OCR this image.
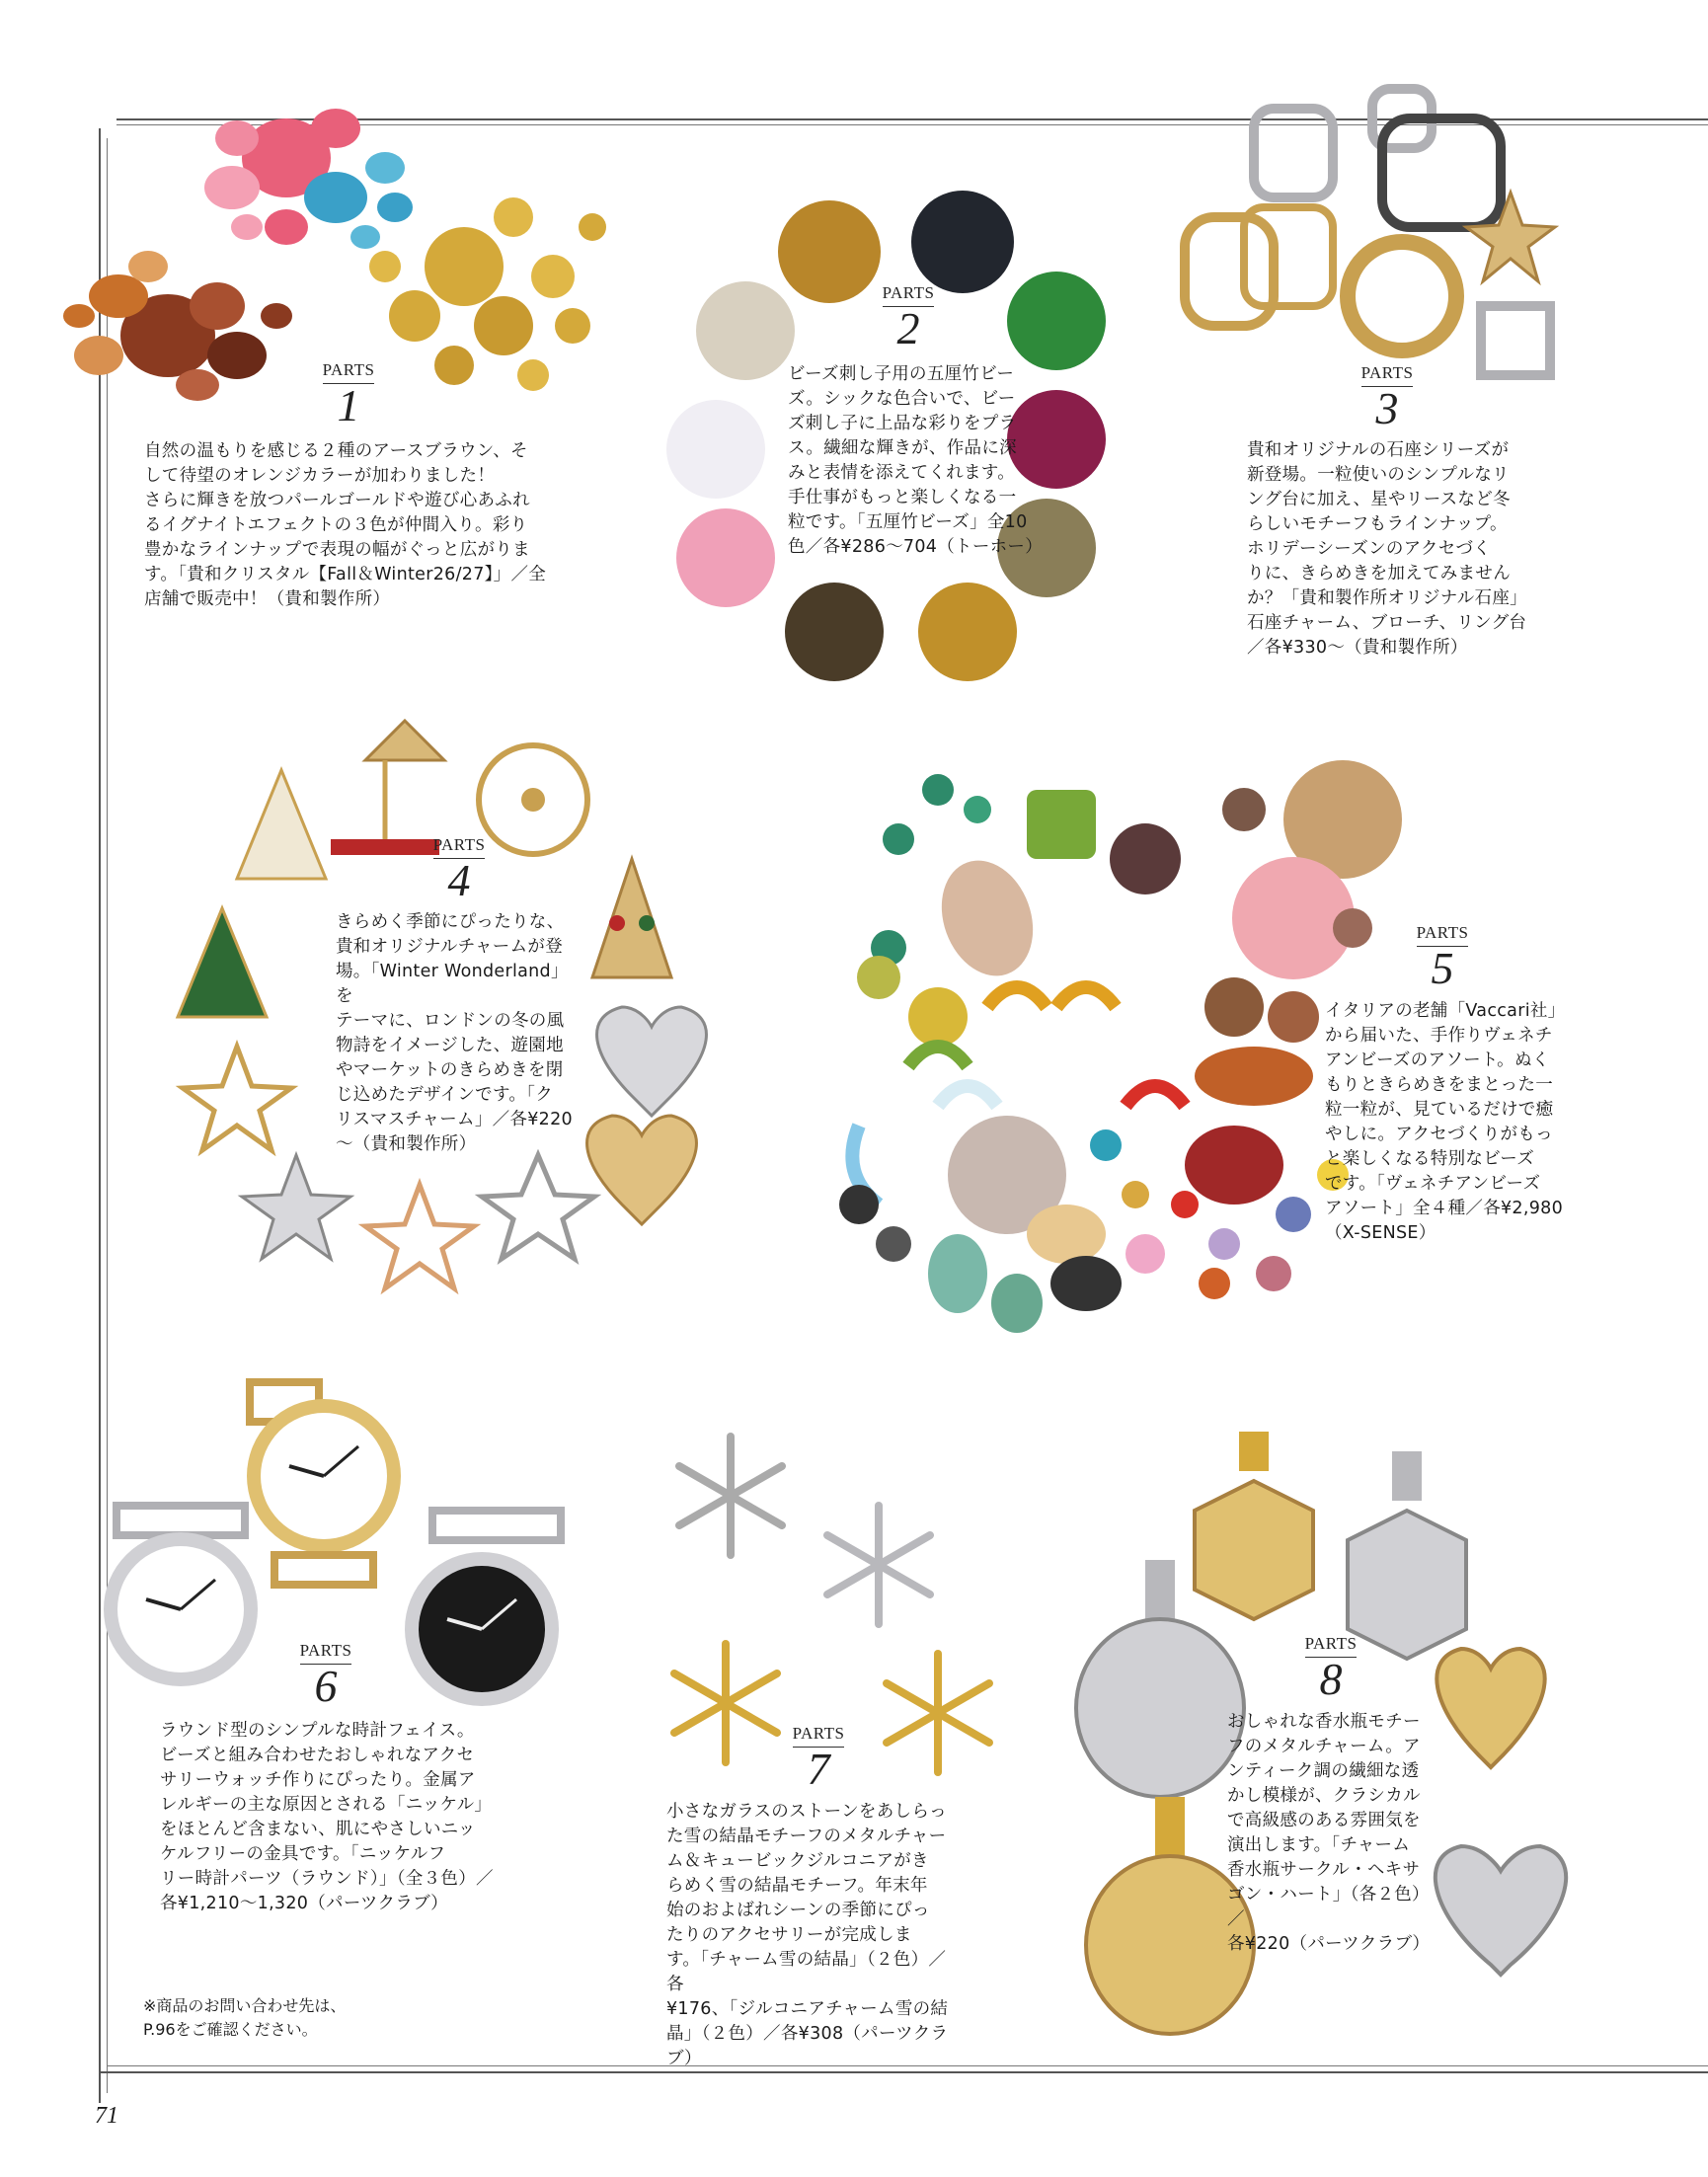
PARTS
1
自然の温もりを感じる２種のアースブラウン、そ
して待望のオレンジカラーが加わりました！
さらに輝きを放つパールゴールドや遊び心あふれ
るイグナイトエフェクトの３色が仲間入り。彩り
豊かなラインナップで表現の幅がぐっと広がりま
す。「貴和クリスタル【Fall＆Winter26/27】」／全
店舗で販売中！（貴和製作所）
PARTS
2
ビーズ刺し子用の五厘竹ビー
ズ。シックな色合いで、ビー
ズ刺し子に上品な彩りをプラ
ス。繊細な輝きが、作品に深
みと表情を添えてくれます。
手仕事がもっと楽しくなる一
粒です。「五厘竹ビーズ」全10
色／各¥286〜704（トーホー）
PARTS
3
貴和オリジナルの石座シリーズが
新登場。一粒使いのシンプルなリ
ング台に加え、星やリースなど冬
らしいモチーフもラインナップ。
ホリデーシーズンのアクセづく
りに、きらめきを加えてみません
か？「貴和製作所オリジナル石座」
石座チャーム、ブローチ、リング台
／各¥330〜（貴和製作所）
PARTS
4
きらめく季節にぴったりな、
貴和オリジナルチャームが登
場。「Winter Wonderland」を
テーマに、ロンドンの冬の風
物詩をイメージした、遊園地
やマーケットのきらめきを閉
じ込めたデザインです。「ク
リスマスチャーム」／各¥220
〜（貴和製作所）
PARTS
5
イタリアの老舗「Vaccari社」
から届いた、手作りヴェネチ
アンビーズのアソート。ぬく
もりときらめきをまとった一
粒一粒が、見ているだけで癒
やしに。アクセづくりがもっ
と楽しくなる特別なビーズ
です。「ヴェネチアンビーズ
アソート」全４種／各¥2,980
（X-SENSE）
PARTS
6
ラウンド型のシンプルな時計フェイス。
ビーズと組み合わせたおしゃれなアクセ
サリーウォッチ作りにぴったり。金属ア
レルギーの主な原因とされる「ニッケル」
をほとんど含まない、肌にやさしいニッ
ケルフリーの金具です。「ニッケルフ
リー時計パーツ（ラウンド）」（全３色）／
各¥1,210〜1,320（パーツクラブ）
※商品のお問い合わせ先は、
P.96をご確認ください。
PARTS
7
小さなガラスのストーンをあしらっ
た雪の結晶モチーフのメタルチャー
ム＆キュービックジルコニアがき
らめく雪の結晶モチーフ。年末年
始のおよばれシーンの季節にぴっ
たりのアクセサリーが完成しま
す。「チャーム雪の結晶」（２色）／各
¥176、「ジルコニアチャーム雪の結
晶」（２色）／各¥308（パーツクラブ）
PARTS
8
おしゃれな香水瓶モチー
フのメタルチャーム。ア
ンティーク調の繊細な透
かし模様が、クラシカル
で高級感のある雰囲気を
演出します。「チャーム
香水瓶サークル・ヘキサ
ゴン・ハート」（各２色）／
各¥220（パーツクラブ）
71
